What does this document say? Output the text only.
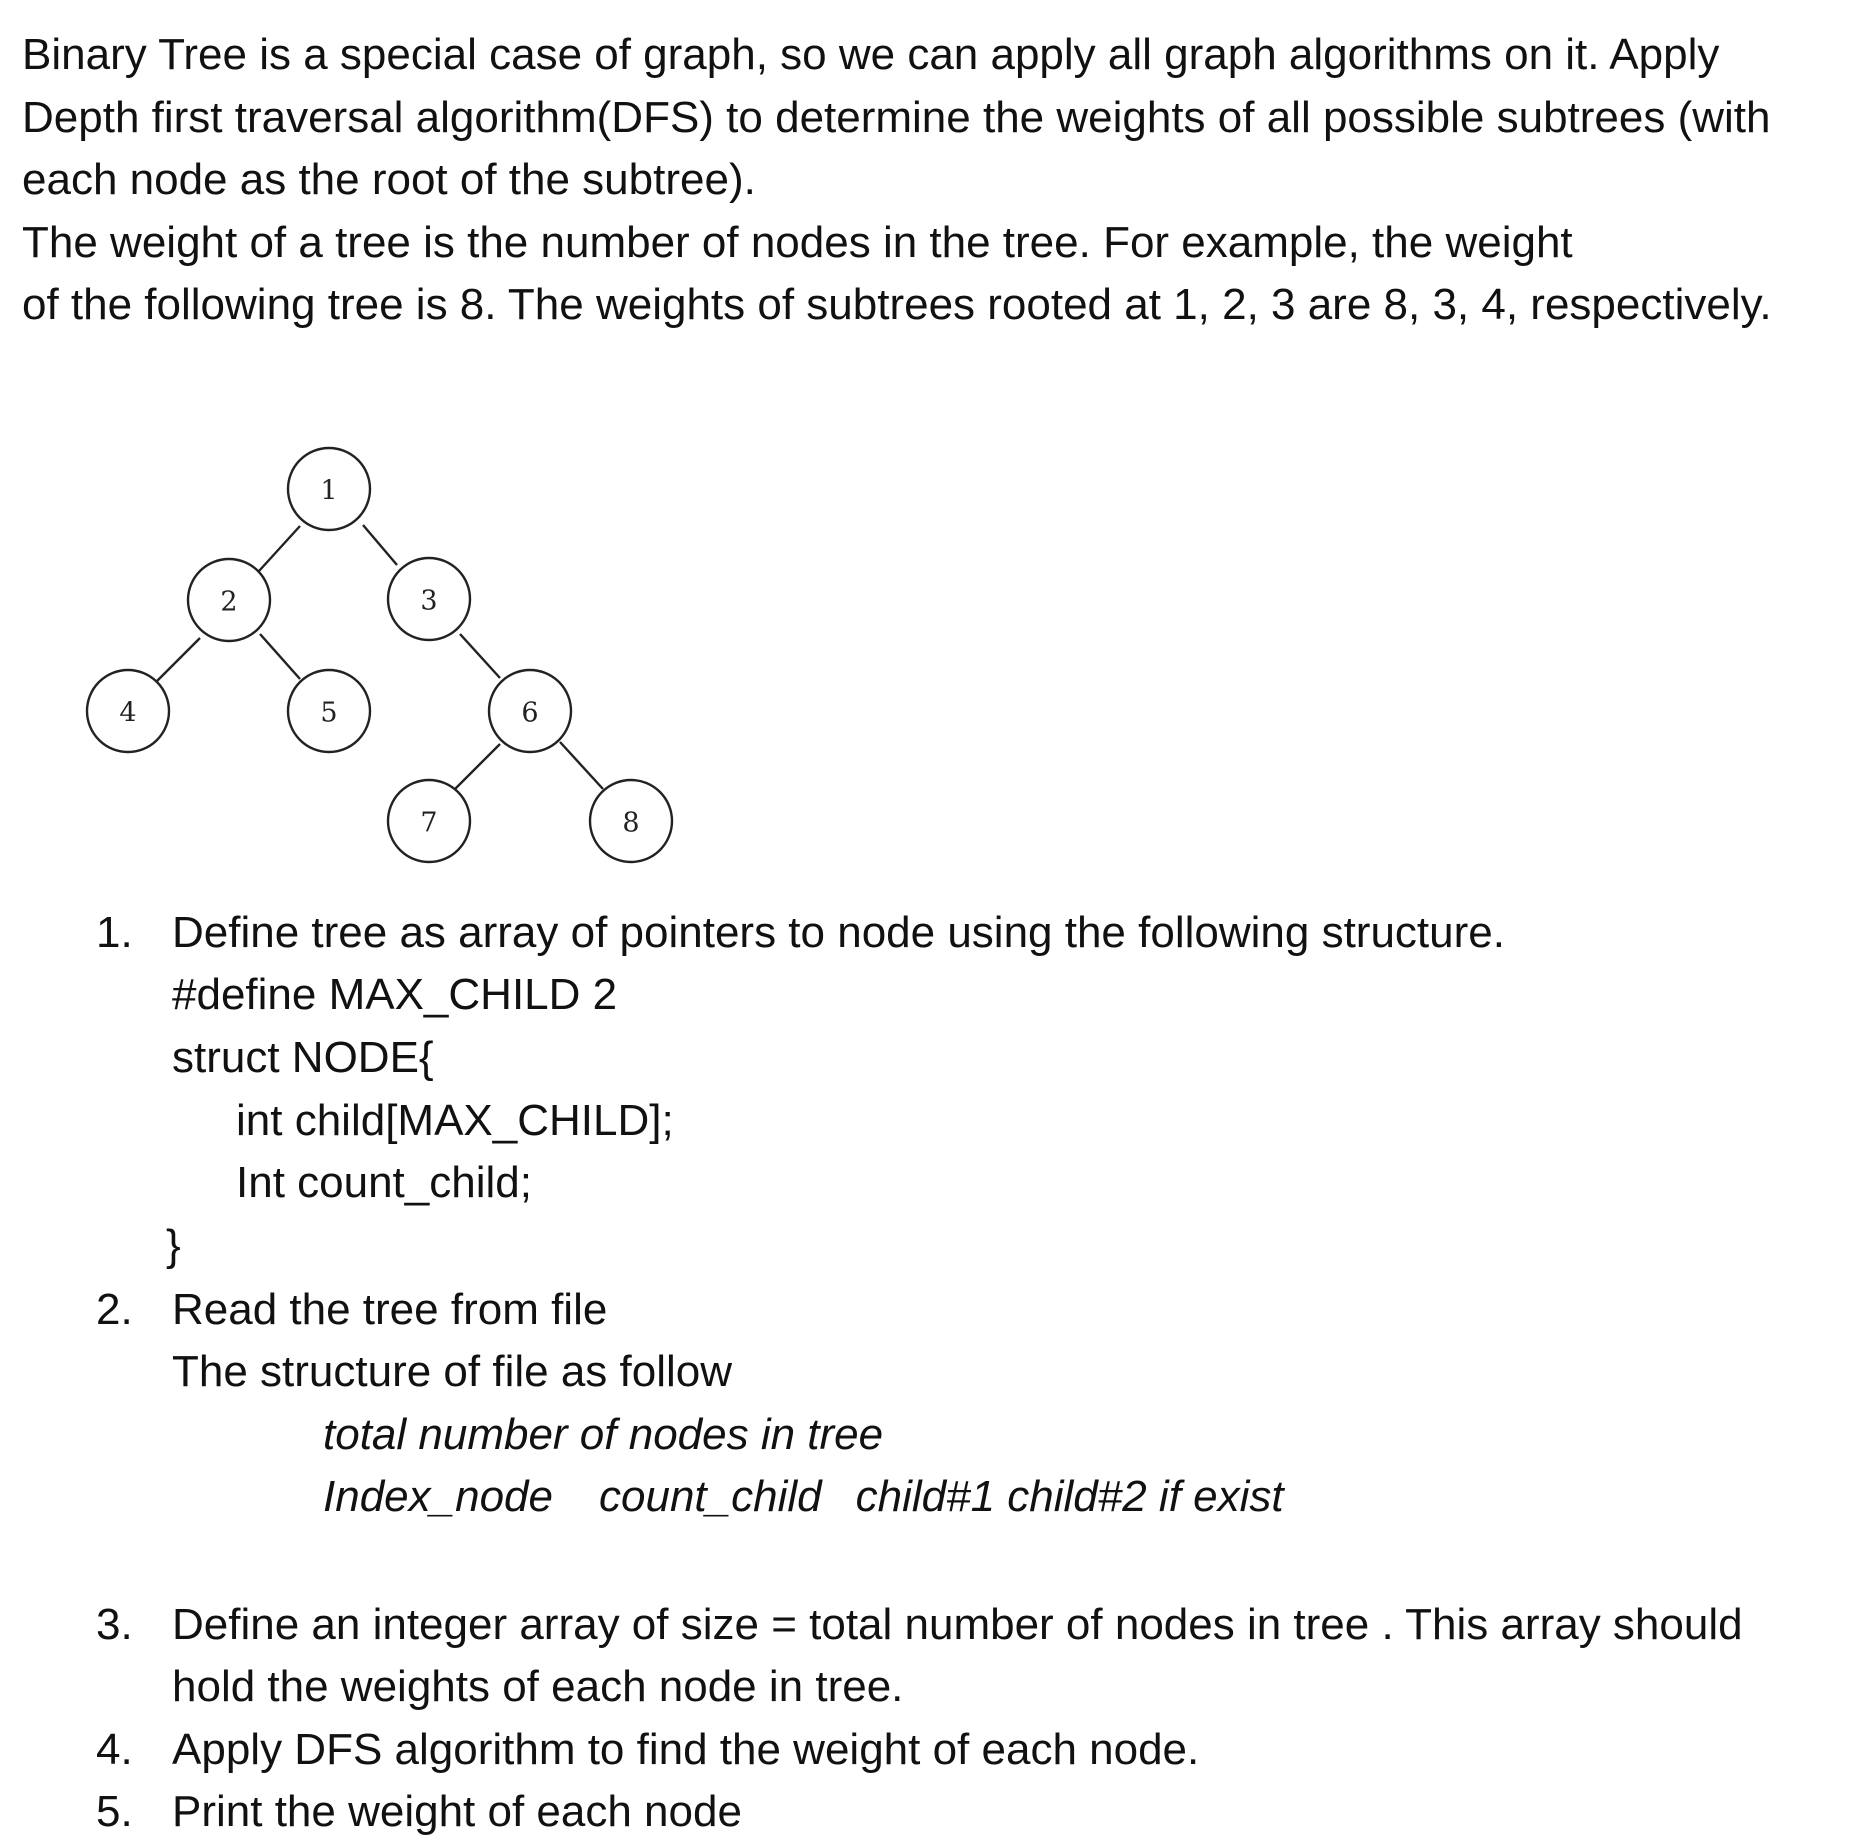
Binary Tree is a special case of graph, so we can apply all graph algorithms on it. Apply
Depth first traversal algorithm(DFS) to determine the weights of all possible subtrees (with
each node as the root of the subtree).
The weight of a tree is the number of nodes in the tree. For example, the weight
of the following tree is 8. The weights of subtrees rooted at 1, 2, 3 are 8, 3, 4, respectively.
1
2	3
4	5	6
7	8
1. Define tree as array of pointers to node using the following structure.
#define MAX_CHILD 2
struct NODE{
int child[MAX_CHILD];
Int count_child;
}
2. Read the tree from file
The structure of file as follow
total number of nodes in tree
Index_node count_child child#1 child#2 if exist
3. Define an integer array of size = total number of nodes in tree . This array should
hold the weights of each node in tree.
4. Apply DFS algorithm to find the weight of each node.
5. Print the weight of each node
